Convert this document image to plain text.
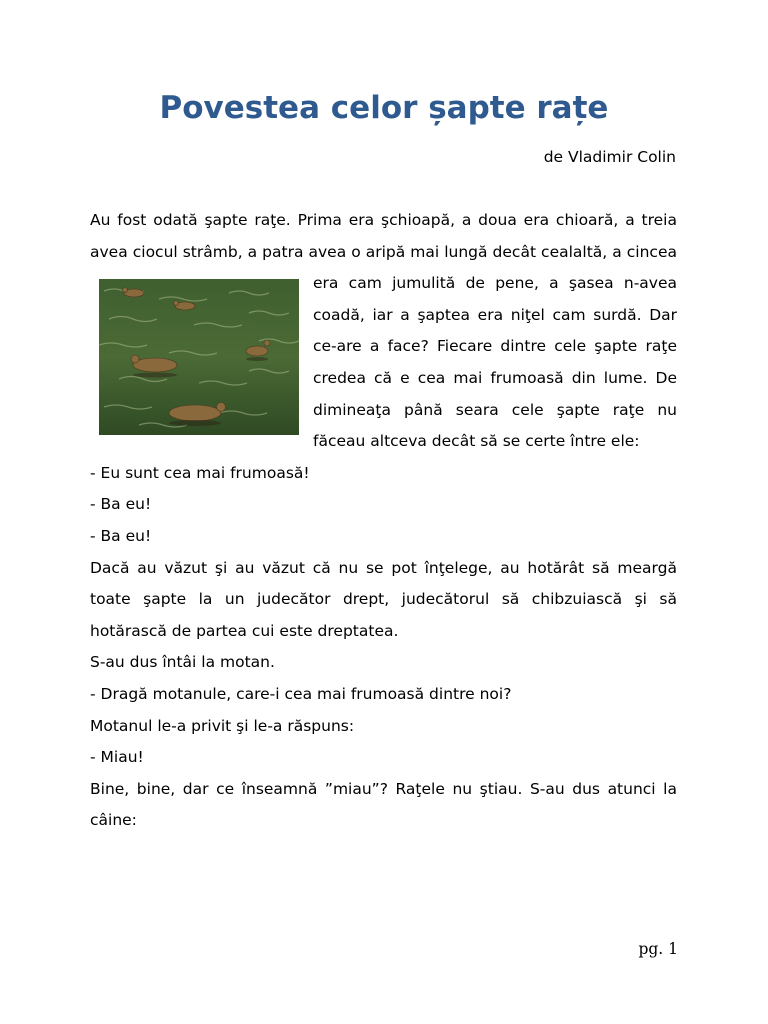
Povestea celor șapte rațe

de Vladimir Colin

Au fost odată şapte raţe. Prima era şchioapă, a doua era chioară, a treia avea ciocul strâmb, a patra avea o aripă mai lungă decât
cealaltă, a cincea era cam jumulită de pene, a şasea n-avea coadă, iar a şaptea era niţel cam surdă. Dar ce-are a face? Fiecare dintre cele şapte raţe credea că e cea mai frumoasă din lume. De dimineaţa până seara cele şapte raţe nu făceau altceva decât să se certe între ele:

- Eu sunt cea mai frumoasă!

- Ba eu!

- Ba eu!

Dacă au văzut şi au văzut că nu se pot înţelege, au hotărât să meargă toate şapte la un judecător drept, judecătorul să chibzuiască şi să hotărască de partea cui este dreptatea.

S-au dus întâi la motan.

- Dragă motanule, care-i cea mai frumoasă dintre noi?

Motanul le-a privit şi le-a răspuns:

- Miau!

Bine, bine, dar ce înseamnă ”miau”? Raţele nu ştiau. S-au dus atunci la câine:

pg. 1
